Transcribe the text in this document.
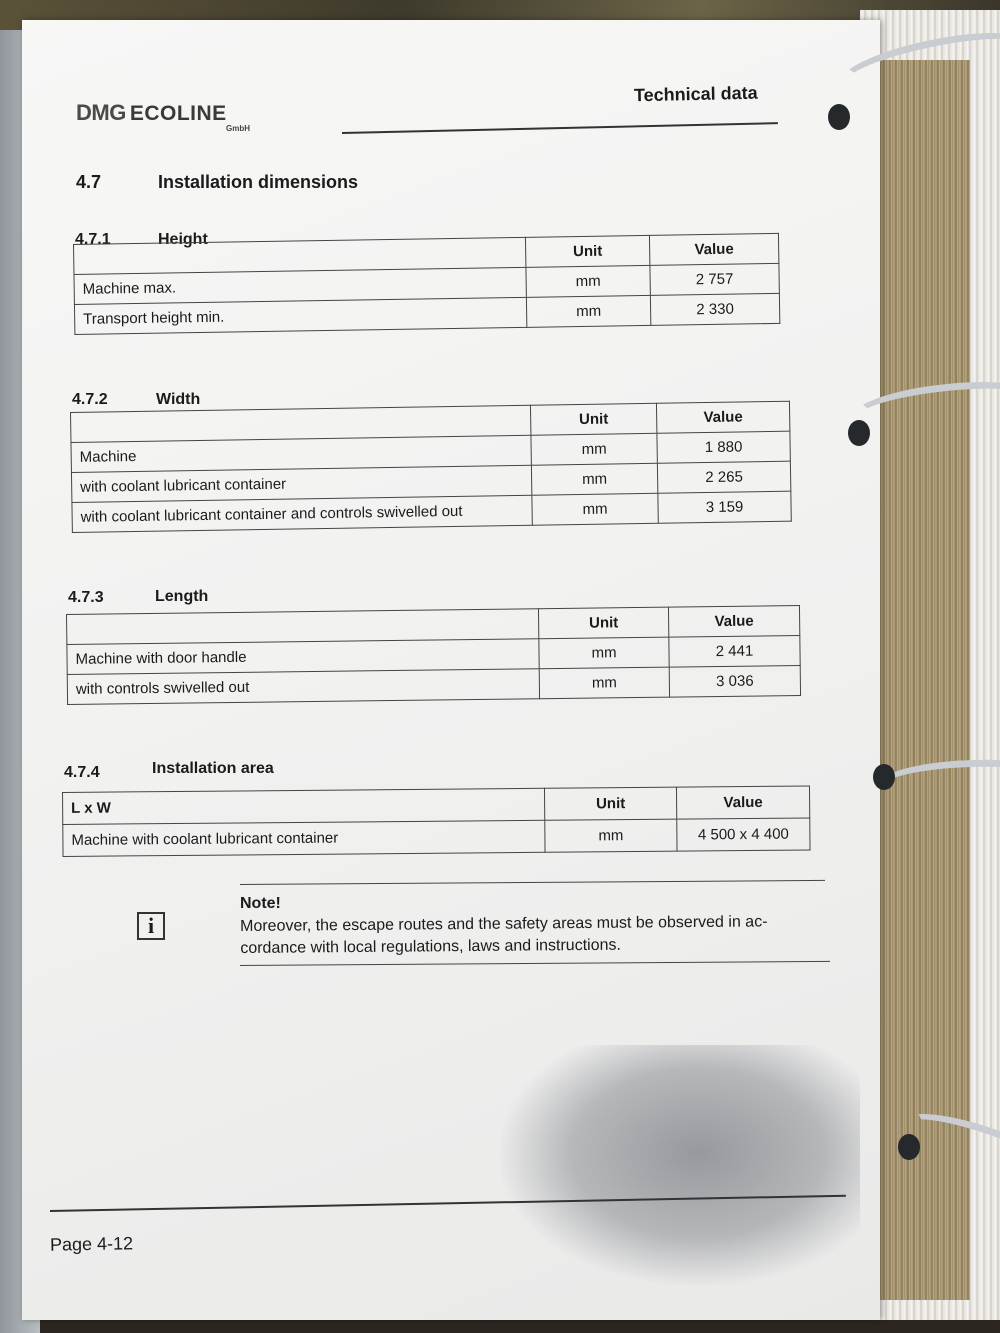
DMG ECOLINE
GmbH
Technical data
4.7	Installation dimensions
4.7.1	Height
	Unit	Value
Machine max.	mm	2 757
Transport height min.	mm	2 330
4.7.2	Width
	Unit	Value
Machine	mm	1 880
with coolant lubricant container	mm	2 265
with coolant lubricant container and controls swivelled out	mm	3 159
4.7.3	Length
	Unit	Value
Machine with door handle	mm	2 441
with controls swivelled out	mm	3 036
4.7.4	Installation area
L x W	Unit	Value
Machine with coolant lubricant container	mm	4 500 x 4 400
i
Note!
Moreover, the escape routes and the safety areas must be observed in ac-
cordance with local regulations, laws and instructions.
Page 4-12
